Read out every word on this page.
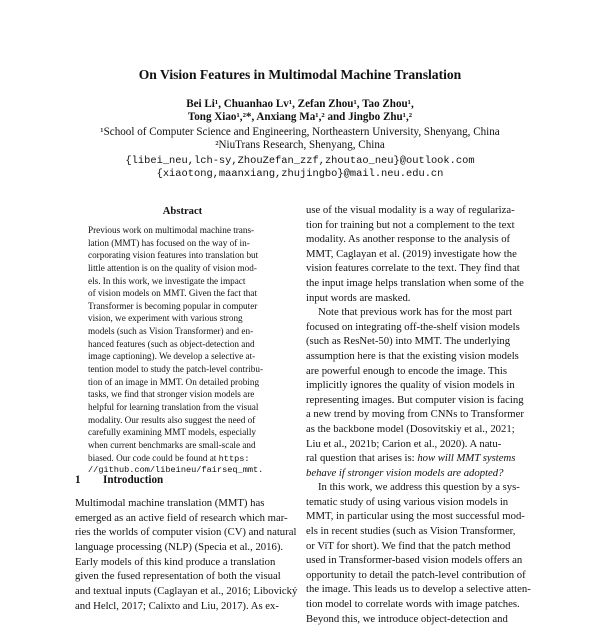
On Vision Features in Multimodal Machine Translation
Bei Li¹, Chuanhao Lv¹, Zefan Zhou¹, Tao Zhou¹,
Tong Xiao¹,²*, Anxiang Ma¹,² and Jingbo Zhu¹,²
¹School of Computer Science and Engineering, Northeastern University, Shenyang, China
²NiuTrans Research, Shenyang, China
{libei_neu,lch-sy,ZhouZefan_zzf,zhoutao_neu}@outlook.com
{xiaotong,maanxiang,zhujingbo}@mail.neu.edu.cn
Abstract
Previous work on multimodal machine trans-
lation (MMT) has focused on the way of in-
corporating vision features into translation but
little attention is on the quality of vision mod-
els. In this work, we investigate the impact
of vision models on MMT. Given the fact that
Transformer is becoming popular in computer
vision, we experiment with various strong
models (such as Vision Transformer) and en-
hanced features (such as object-detection and
image captioning). We develop a selective at-
tention model to study the patch-level contribu-
tion of an image in MMT. On detailed probing
tasks, we find that stronger vision models are
helpful for learning translation from the visual
modality. Our results also suggest the need of
carefully examining MMT models, especially
when current benchmarks are small-scale and
biased. Our code could be found at https:
//github.com/libeineu/fairseq_mmt.
1 Introduction
Multimodal machine translation (MMT) has
emerged as an active field of research which mar-
ries the worlds of computer vision (CV) and natural
language processing (NLP) (Specia et al., 2016).
Early models of this kind produce a translation
given the fused representation of both the visual
and textual inputs (Caglayan et al., 2016; Libovický
and Helcl, 2017; Calixto and Liu, 2017). As ex-
use of the visual modality is a way of regulariza-
tion for training but not a complement to the text
modality. As another response to the analysis of
MMT, Caglayan et al. (2019) investigate how the
vision features correlate to the text. They find that
the input image helps translation when some of the
input words are masked.
Note that previous work has for the most part
focused on integrating off-the-shelf vision models
(such as ResNet-50) into MMT. The underlying
assumption here is that the existing vision models
are powerful enough to encode the image. This
implicitly ignores the quality of vision models in
representing images. But computer vision is facing
a new trend by moving from CNNs to Transformer
as the backbone model (Dosovitskiy et al., 2021;
Liu et al., 2021b; Carion et al., 2020). A natu-
ral question that arises is: how will MMT systems
behave if stronger vision models are adopted?
In this work, we address this question by a sys-
tematic study of using various vision models in
MMT, in particular using the most successful mod-
els in recent studies (such as Vision Transformer,
or ViT for short). We find that the patch method
used in Transformer-based vision models offers an
opportunity to detail the patch-level contribution of
the image. This leads us to develop a selective atten-
tion model to correlate words with image patches.
Beyond this, we introduce object-detection and
